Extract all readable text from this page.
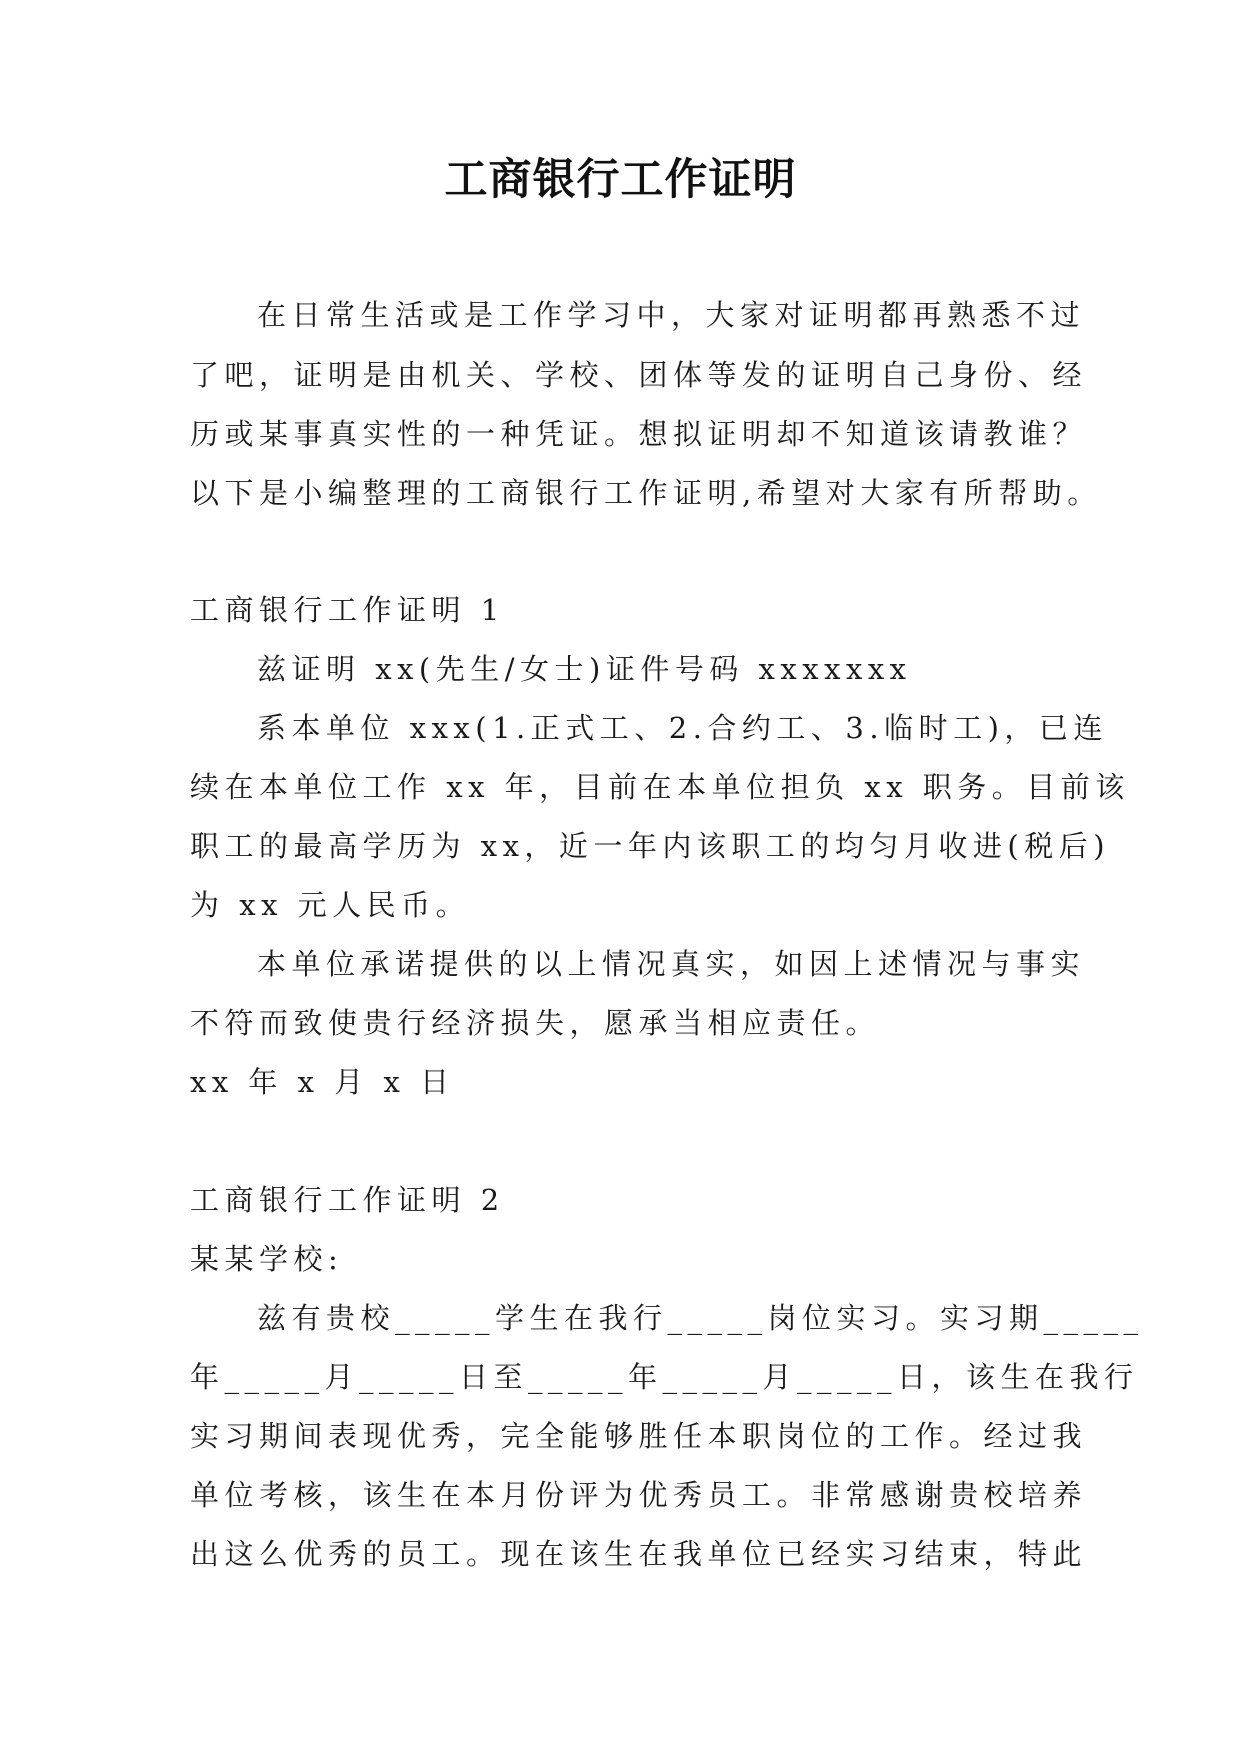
工商银行工作证明
在日常生活或是工作学习中，大家对证明都再熟悉不过
了吧，证明是由机关、学校、团体等发的证明自己身份、经
历或某事真实性的一种凭证。想拟证明却不知道该请教谁？
以下是小编整理的工商银行工作证明,希望对大家有所帮助。
工商银行工作证明 1
兹证明 xx(先生/女士)证件号码 xxxxxxx
系本单位 xxx(1.正式工、2.合约工、3.临时工)，已连
续在本单位工作 xx 年，目前在本单位担负 xx 职务。目前该
职工的最高学历为 xx，近一年内该职工的均匀月收进(税后)
为 xx 元人民币。
本单位承诺提供的以上情况真实，如因上述情况与事实
不符而致使贵行经济损失，愿承当相应责任。
xx 年 x 月 x 日
工商银行工作证明 2
某某学校:
兹有贵校_____学生在我行_____岗位实习。实习期_____
年_____月_____日至_____年_____月_____日，该生在我行
实习期间表现优秀，完全能够胜任本职岗位的工作。经过我
单位考核，该生在本月份评为优秀员工。非常感谢贵校培养
出这么优秀的员工。现在该生在我单位已经实习结束，特此
